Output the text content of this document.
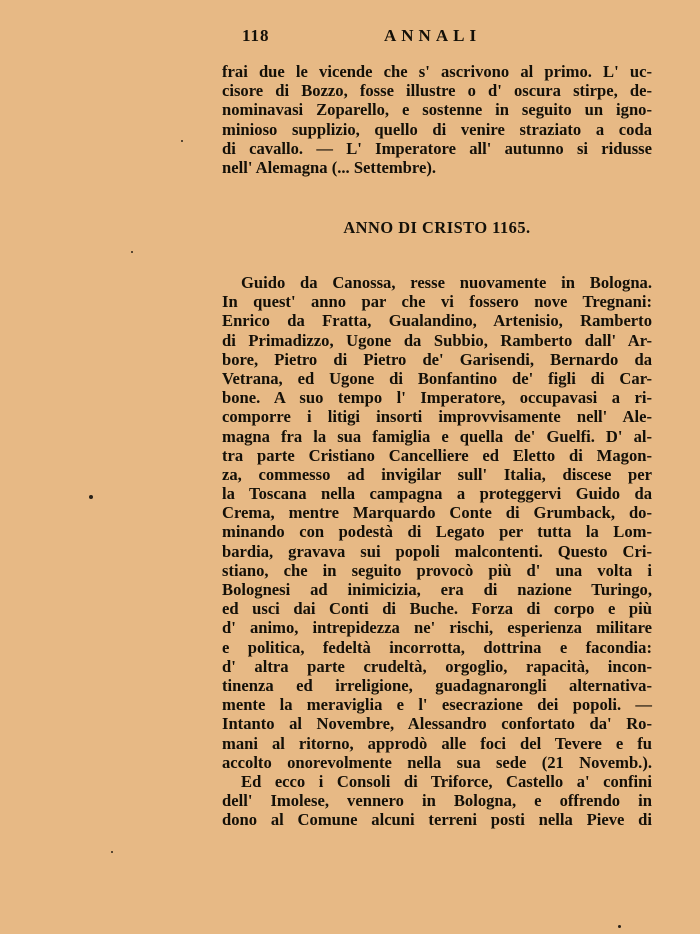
118	ANNALI
frai due le vicende che s' ascrivono al primo. L' uc-
cisore di Bozzo, fosse illustre o d' oscura stirpe, de-
nominavasi Zoparello, e sostenne in seguito un igno-
minioso supplizio, quello di venire straziato a coda
di cavallo. — L' Imperatore all' autunno si ridusse
nell' Alemagna (... Settembre).
ANNO DI CRISTO 1165.
Guido da Canossa, resse nuovamente in Bologna.
In quest' anno par che vi fossero nove Tregnani:
Enrico da Fratta, Gualandino, Artenisio, Ramberto
di Primadizzo, Ugone da Subbio, Ramberto dall' Ar-
bore, Pietro di Pietro de' Garisendi, Bernardo da
Vetrana, ed Ugone di Bonfantino de' figli di Car-
bone. A suo tempo l' Imperatore, occupavasi a ri-
comporre i litigi insorti improvvisamente nell' Ale-
magna fra la sua famiglia e quella de' Guelfi. D' al-
tra parte Cristiano Cancelliere ed Eletto di Magon-
za, commesso ad invigilar sull' Italia, discese per
la Toscana nella campagna a proteggervi Guido da
Crema, mentre Marquardo Conte di Grumback, do-
minando con podestà di Legato per tutta la Lom-
bardia, gravava sui popoli malcontenti. Questo Cri-
stiano, che in seguito provocò più d' una volta i
Bolognesi ad inimicizia, era di nazione Turingo,
ed usci dai Conti di Buche. Forza di corpo e più
d' animo, intrepidezza ne' rischi, esperienza militare
e politica, fedeltà incorrotta, dottrina e facondia:
d' altra parte crudeltà, orgoglio, rapacità, incon-
tinenza ed irreligione, guadagnarongli alternativa-
mente la meraviglia e l' esecrazione dei popoli. —
Intanto al Novembre, Alessandro confortato da' Ro-
mani al ritorno, approdò alle foci del Tevere e fu
accolto onorevolmente nella sua sede (21 Novemb.).
Ed ecco i Consoli di Triforce, Castello a' confini
dell' Imolese, vennero in Bologna, e offrendo in
dono al Comune alcuni terreni posti nella Pieve di
